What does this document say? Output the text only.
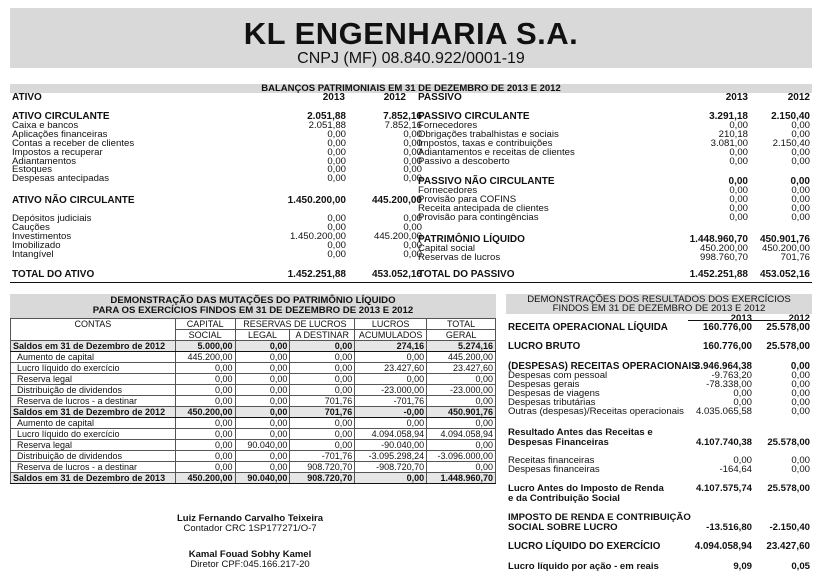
KL ENGENHARIA S.A.
CNPJ (MF) 08.840.922/0001-19
BALANÇOS PATRIMONIAIS EM 31 DE DEZEMBRO DE 2013 E 2012
ATIVO	2013	2012 PASSIVO	2013	2012
ATIVO CIRCULANTE	2.051,88	7.852,16
Caixa e bancos	2.051,88	7.852,16
Aplicações financeiras	0,00	0,00
Contas a receber de clientes	0,00	0,00
Impostos a recuperar	0,00	0,00
Adiantamentos	0,00	0,00
Estoques	0,00	0,00
Despesas antecipadas	0,00	0,00
ATIVO NÃO CIRCULANTE	1.450.200,00	445.200,00
Depósitos judiciais	0,00	0,00
Cauções	0,00	0,00
Investimentos	1.450.200,00	445.200,00
Imobilizado	0,00	0,00
Intangível	0,00	0,00
TOTAL DO ATIVO	1.452.251,88	453.052,16
PASSIVO CIRCULANTE	3.291,18	2.150,40
Fornecedores	0,00	0,00
Obrigações trabalhistas e sociais	210,18	0,00
Impostos, taxas e contribuições	3.081,00	2.150,40
Adiantamentos e receitas de clientes	0,00	0,00
Passivo a descoberto	0,00	0,00
PASSIVO NÃO CIRCULANTE	0,00	0,00
Fornecedores	0,00	0,00
Provisão para COFINS	0,00	0,00
Receita antecipada de clientes	0,00	0,00
Provisão para contingências	0,00	0,00
PATRIMÔNIO LÍQUIDO	1.448.960,70	450.901,76
Capital social	450.200,00	450.200,00
Reservas de lucros	998.760,70	701,76
TOTAL DO PASSIVO	1.452.251,88	453.052,16
DEMONSTRAÇÃO DAS MUTAÇÕES DO PATRIMÔNIO LÍQUIDO
PARA OS EXERCÍCIOS FINDOS EM 31 DE DEZEMBRO DE 2013 E 2012
CONTAS	CAPITAL	RESERVAS DE LUCROS		LUCROS	TOTAL
	SOCIAL	LEGAL	A DESTINAR	ACUMULADOS	GERAL
Saldos em 31 de Dezembro de 2012	5.000,00	0,00	0,00	274,16	5.274,16
Aumento de capital	445.200,00	0,00	0,00	0,00	445.200,00
Lucro líquido do exercício	0,00	0,00	0,00	23.427,60	23.427,60
Reserva legal	0,00	0,00	0,00	0,00	0,00
Distribuição de dividendos	0,00	0,00	0,00	-23.000,00	-23.000,00
Reserva de lucros - a destinar	0,00	0,00	701,76	-701,76	0,00
Saldos em 31 de Dezembro de 2012	450.200,00	0,00	701,76	-0,00	450.901,76
Aumento de capital	0,00	0,00	0,00	0,00	0,00
Lucro líquido do exercício	0,00	0,00	0,00	4.094.058,94	4.094.058,94
Reserva legal	0,00	90.040,00	0,00	-90.040,00	0,00
Distribuição de dividendos	0,00	0,00	-701,76	-3.095.298,24	-3.096.000,00
Reserva de lucros - a destinar	0,00	0,00	908.720,70	-908.720,70	0,00
Saldos em 31 de Dezembro de 2013	450.200,00	90.040,00	908.720,70	0,00	1.448.960,70
Luiz Fernando Carvalho Teixeira
Contador CRC 1SP177271/O-7
Kamal Fouad Sobhy Kamel
Diretor CPF:045.166.217-20
DEMONSTRAÇÕES DOS RESULTADOS DOS EXERCÍCIOS
FINDOS EM 31 DE DEZEMBRO DE 2013 E 2012
2013	2012
RECEITA OPERACIONAL LÍQUIDA	160.776,00	25.578,00
LUCRO BRUTO	160.776,00	25.578,00
(DESPESAS) RECEITAS OPERACIONAIS
3.946.964,38	0,00
Despesas com pessoal	-9.763,20	0,00
Despesas gerais	-78.338,00	0,00
Despesas de viagens	0,00	0,00
Despesas tributárias	0,00	0,00
Outras (despesas)/Receitas operacionais	4.035.065,58	0,00
Resultado Antes das Receitas e
Despesas Financeiras	4.107.740,38	25.578,00
Receitas financeiras	0,00	0,00
Despesas financeiras	-164,64	0,00
Lucro Antes do Imposto de Renda
e da Contribuição Social
4.107.575,74	25.578,00
IMPOSTO DE RENDA E CONTRIBUIÇÃO
SOCIAL SOBRE LUCRO	-13.516,80	-2.150,40
LUCRO LÍQUIDO DO EXERCÍCIO	4.094.058,94	23.427,60
Lucro líquido por ação - em reais	9,09	0,05
